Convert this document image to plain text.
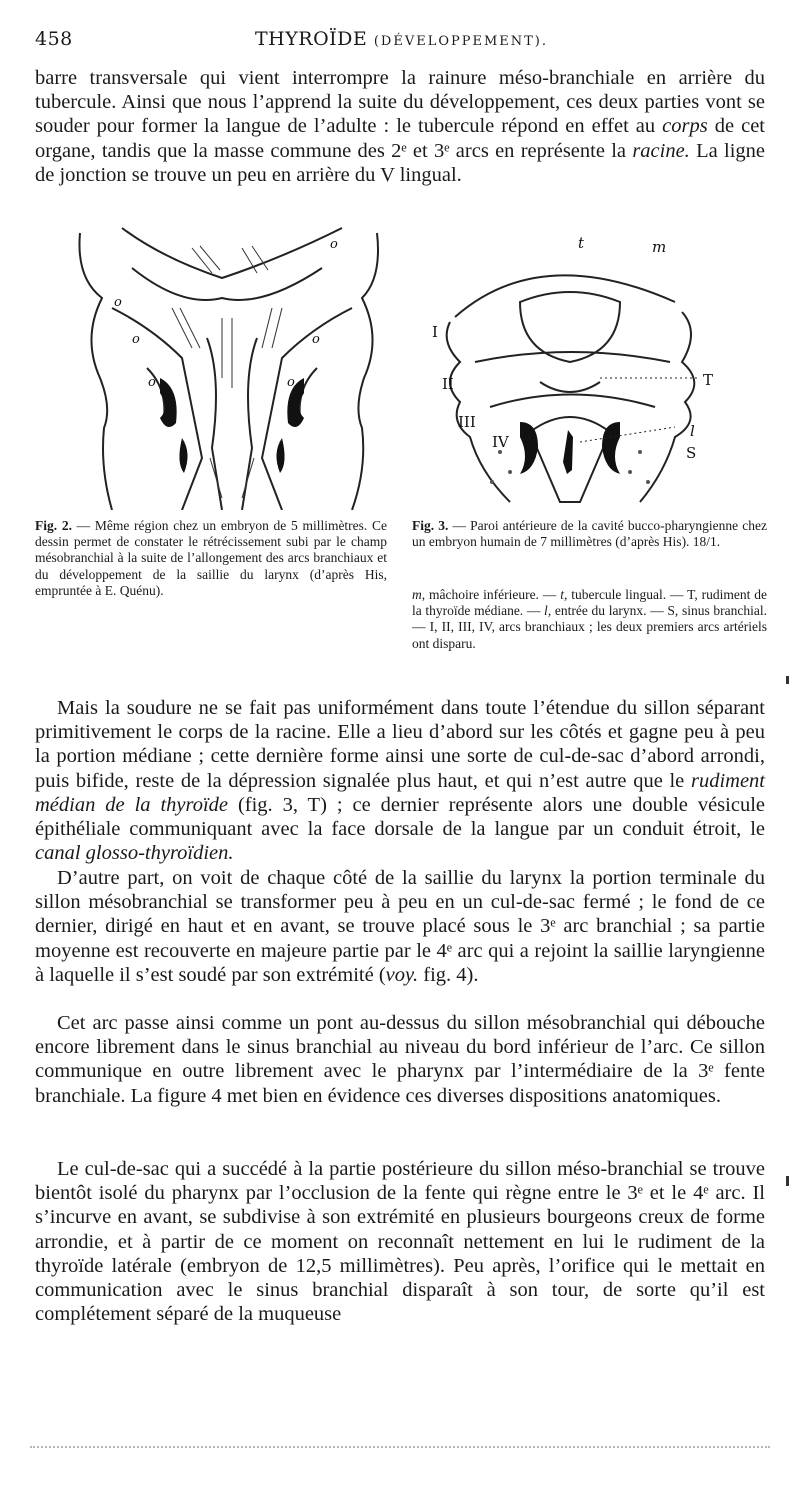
458	THYROÏDE (DÉVELOPPEMENT).
barre transversale qui vient interrompre la rainure méso-branchiale en arrière du tubercule. Ainsi que nous l’apprend la suite du développement, ces deux parties vont se souder pour former la langue de l’adulte : le tubercule répond en effet au corps de cet organe, tandis que la masse commune des 2ᵉ et 3ᵉ arcs en représente la racine. La ligne de jonction se trouve un peu en arrière du V lingual.
o
o
o	o
o	o
t	m
I
II
III
IV
T
l
S
Fig. 2. — Même région chez un embryon de 5 millimètres. Ce dessin permet de constater le rétrécissement subi par le champ mésobranchial à la suite de l’allongement des arcs branchiaux et du développement de la saillie du larynx (d’après His, empruntée à E. Quénu).
Fig. 3. — Paroi antérieure de la cavité bucco-pharyngienne chez un embryon humain de 7 millimètres (d’après His). 18/1.
m, mâchoire inférieure. — t, tubercule lingual. — T, rudiment de la thyroïde médiane. — l, entrée du larynx. — S, sinus branchial. — I, II, III, IV, arcs branchiaux ; les deux premiers arcs artériels ont disparu.
Mais la soudure ne se fait pas uniformément dans toute l’étendue du sillon séparant primitivement le corps de la racine. Elle a lieu d’abord sur les côtés et gagne peu à peu la portion médiane ; cette dernière forme ainsi une sorte de cul-de-sac d’abord arrondi, puis bifide, reste de la dépression signalée plus haut, et qui n’est autre que le rudiment médian de la thyroïde (fig. 3, T) ; ce dernier représente alors une double vésicule épithéliale communiquant avec la face dorsale de la langue par un conduit étroit, le canal glosso-thyroïdien.
D’autre part, on voit de chaque côté de la saillie du larynx la portion terminale du sillon mésobranchial se transformer peu à peu en un cul-de-sac fermé ; le fond de ce dernier, dirigé en haut et en avant, se trouve placé sous le 3ᵉ arc branchial ; sa partie moyenne est recouverte en majeure partie par le 4ᵉ arc qui a rejoint la saillie laryngienne à laquelle il s’est soudé par son extrémité (voy. fig. 4).
Cet arc passe ainsi comme un pont au-dessus du sillon mésobranchial qui débouche encore librement dans le sinus branchial au niveau du bord inférieur de l’arc. Ce sillon communique en outre librement avec le pharynx par l’intermédiaire de la 3ᵉ fente branchiale. La figure 4 met bien en évidence ces diverses dispositions anatomiques.
Le cul-de-sac qui a succédé à la partie postérieure du sillon méso-branchial se trouve bientôt isolé du pharynx par l’occlusion de la fente qui règne entre le 3ᵉ et le 4ᵉ arc. Il s’incurve en avant, se subdivise à son extrémité en plusieurs bourgeons creux de forme arrondie, et à partir de ce moment on reconnaît nettement en lui le rudiment de la thyroïde latérale (embryon de 12,5 millimètres). Peu après, l’orifice qui le mettait en communication avec le sinus branchial disparaît à son tour, de sorte qu’il est complétement séparé de la muqueuse
